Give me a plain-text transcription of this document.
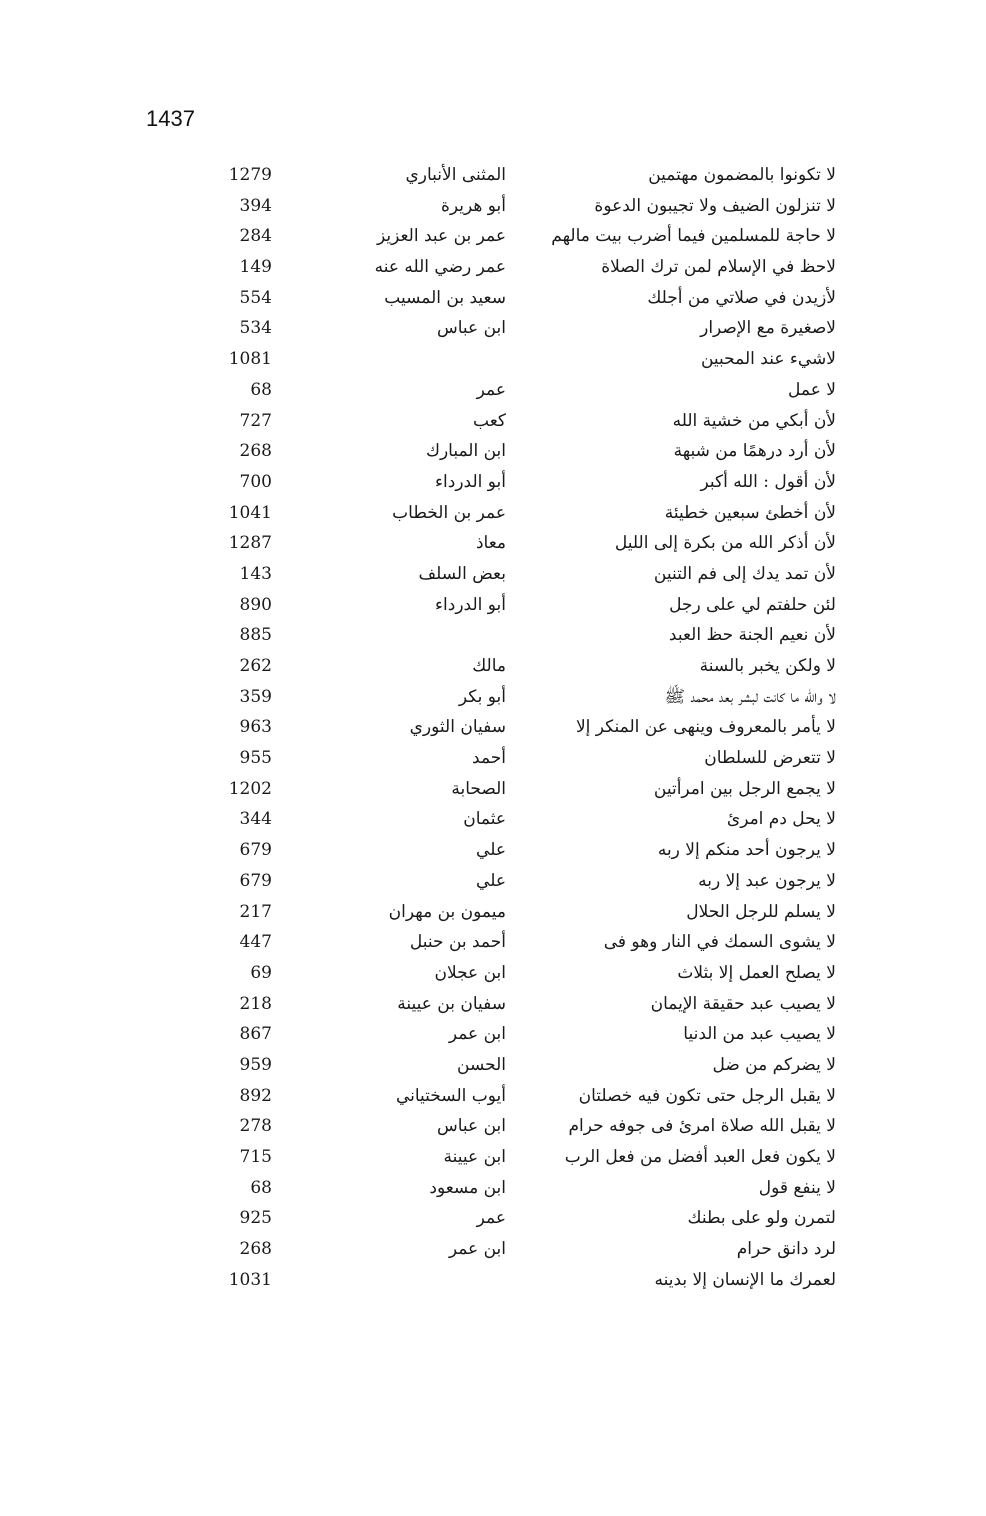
1437
لا تكونوا بالمضمون مهتمين
المثنى الأنباري
1279
لا تنزلون الضيف ولا تجيبون الدعوة
أبو هريرة
394
لا حاجة للمسلمين فيما أضرب بيت مالهم
عمر بن عبد العزيز
284
لاحظ في الإسلام لمن ترك الصلاة
عمر رضي الله عنه
149
لأزيدن في صلاتي من أجلك
سعيد بن المسيب
554
لاصغيرة مع الإصرار
ابن عباس
534
لاشيء عند المحبين
1081
لا عمل
عمر
68
لأن أبكي من خشية الله
كعب
727
لأن أرد درهمًا من شبهة
ابن المبارك
268
لأن أقول : الله أكبر
أبو الدرداء
700
لأن أخطئ سبعين خطيئة
عمر بن الخطاب
1041
لأن أذكر الله من بكرة إلى الليل
معاذ
1287
لأن تمد يدك إلى فم التنين
بعض السلف
143
لئن حلفتم لي على رجل
أبو الدرداء
890
لأن نعيم الجنة حظ العبد
885
لا ولكن يخبر بالسنة
مالك
262
لا والله ما كانت لبشر بعد محمد ﷺ
أبو بكر
359
لا يأمر بالمعروف وينهى عن المنكر إلا
سفيان الثوري
963
لا تتعرض للسلطان
أحمد
955
لا يجمع الرجل بين امرأتين
الصحابة
1202
لا يحل دم امرئ
عثمان
344
لا يرجون أحد منكم إلا ربه
علي
679
لا يرجون عبد إلا ربه
علي
679
لا يسلم للرجل الحلال
ميمون بن مهران
217
لا يشوى السمك في النار وهو فى
أحمد بن حنبل
447
لا يصلح العمل إلا بثلاث
ابن عجلان
69
لا يصيب عبد حقيقة الإيمان
سفيان بن عيينة
218
لا يصيب عبد من الدنيا
ابن عمر
867
لا يضركم من ضل
الحسن
959
لا يقبل الرجل حتى تكون فيه خصلتان
أيوب السختياني
892
لا يقبل الله صلاة امرئ فى جوفه حرام
ابن عباس
278
لا يكون فعل العبد أفضل من فعل الرب
ابن عيينة
715
لا ينفع قول
ابن مسعود
68
لتمرن ولو على بطنك
عمر
925
لرد دانق حرام
ابن عمر
268
لعمرك ما الإنسان إلا بدينه
1031
